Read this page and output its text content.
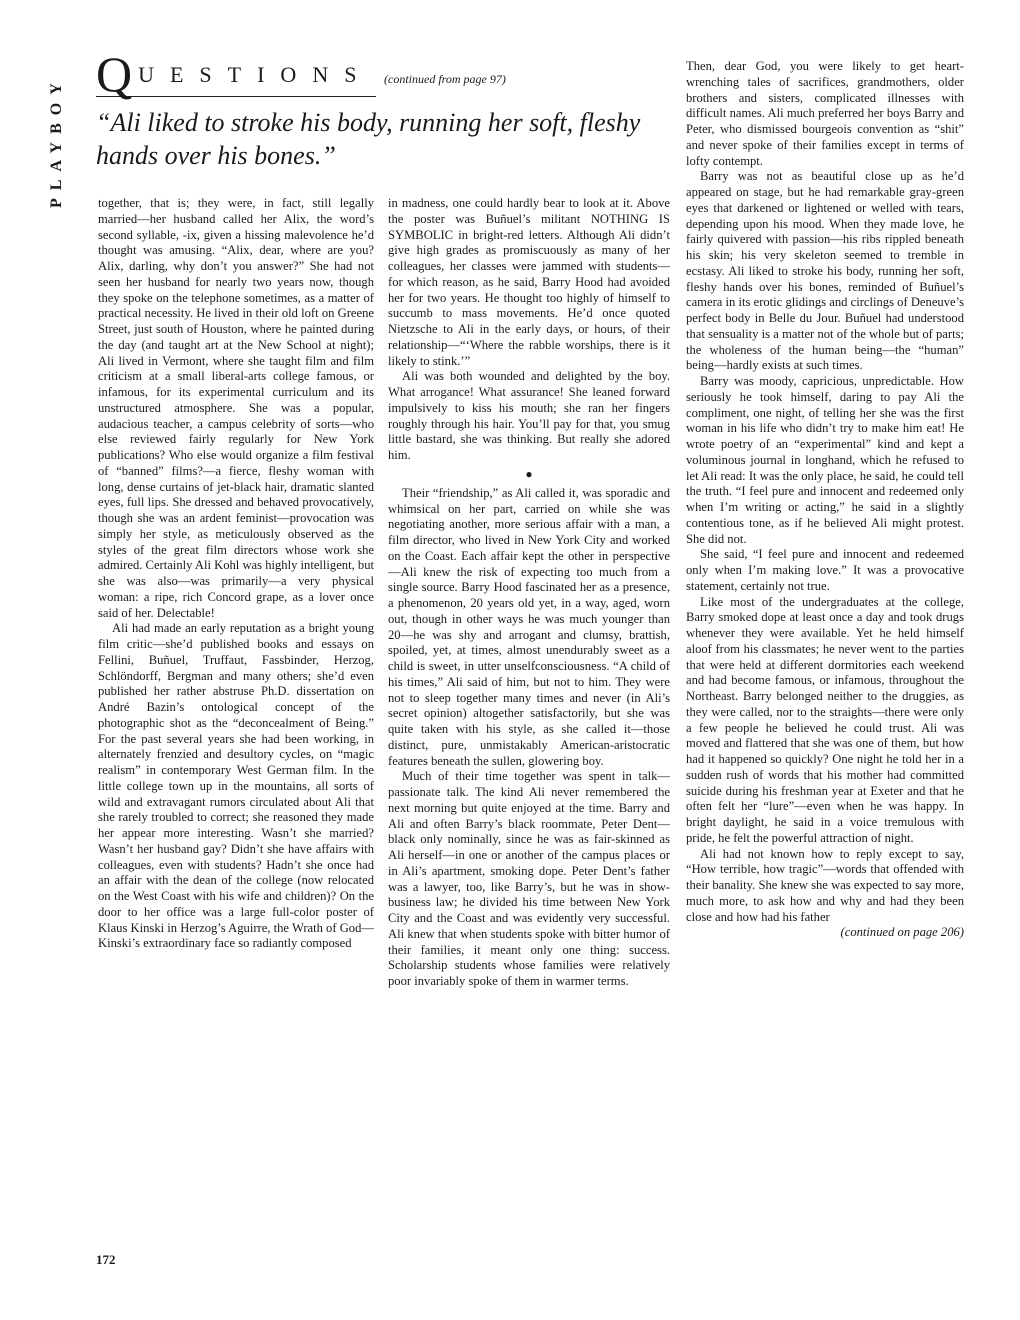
PLAYBOY
Q UESTIONS (continued from page 97)

“Ali liked to stroke his body, running her soft, fleshy hands over his bones.”

together, that is; they were, in fact, still legally married—her husband called her Alix, the word’s second syllable, -ix, given a hissing malevolence he’d thought was amusing. “Alix, dear, where are you? Alix, darling, why don’t you answer?” She had not seen her husband for nearly two years now, though they spoke on the telephone sometimes, as a matter of practical necessity. He lived in their old loft on Greene Street, just south of Houston, where he painted during the day (and taught art at the New School at night); Ali lived in Vermont, where she taught film and film criticism at a small liberal-arts college famous, or infamous, for its experimental curriculum and its unstructured atmosphere. She was a popular, audacious teacher, a campus celebrity of sorts—who else reviewed fairly regularly for New York publications? Who else would organize a film festival of “banned” films?—a fierce, fleshy woman with long, dense curtains of jet-black hair, dramatic slanted eyes, full lips. She dressed and behaved provocatively, though she was an ardent feminist—provocation was simply her style, as meticulously observed as the styles of the great film directors whose work she admired. Certainly Ali Kohl was highly intelligent, but she was also—was primarily—a very physical woman: a ripe, rich Concord grape, as a lover once said of her. Delectable!

Ali had made an early reputation as a bright young film critic—she’d published books and essays on Fellini, Buñuel, Truffaut, Fassbinder, Herzog, Schlöndorff, Bergman and many others; she’d even published her rather abstruse Ph.D. dissertation on André Bazin’s ontological concept of the photographic shot as the “deconcealment of Being.” For the past several years she had been working, in alternately frenzied and desultory cycles, on “magic realism” in contemporary West German film. In the little college town up in the mountains, all sorts of wild and extravagant rumors circulated about Ali that she rarely troubled to correct; she reasoned they made her appear more interesting. Wasn’t she married? Wasn’t her husband gay? Didn’t she have affairs with colleagues, even with students? Hadn’t she once had an affair with the dean of the college (now relocated on the West Coast with his wife and children)? On the door to her office was a large full-color poster of Klaus Kinski in Herzog’s Aguirre, the Wrath of God—Kinski’s extraordinary face so radiantly composed

in madness, one could hardly bear to look at it. Above the poster was Buñuel’s militant NOTHING IS SYMBOLIC in bright-red letters. Although Ali didn’t give high grades as promiscuously as many of her colleagues, her classes were jammed with students—for which reason, as he said, Barry Hood had avoided her for two years. He thought too highly of himself to succumb to mass movements. He’d once quoted Nietzsche to Ali in the early days, or hours, of their relationship—“‘Where the rabble worships, there is it likely to stink.’”

Ali was both wounded and delighted by the boy. What arrogance! What assurance! She leaned forward impulsively to kiss his mouth; she ran her fingers roughly through his hair. You’ll pay for that, you smug little bastard, she was thinking. But really she adored him.

●

Their “friendship,” as Ali called it, was sporadic and whimsical on her part, carried on while she was negotiating another, more serious affair with a man, a film director, who lived in New York City and worked on the Coast. Each affair kept the other in perspective—Ali knew the risk of expecting too much from a single source. Barry Hood fascinated her as a presence, a phenomenon, 20 years old yet, in a way, aged, worn out, though in other ways he was much younger than 20—he was shy and arrogant and clumsy, brattish, spoiled, yet, at times, almost unendurably sweet as a child is sweet, in utter unselfconsciousness. “A child of his times,” Ali said of him, but not to him. They were not to sleep together many times and never (in Ali’s secret opinion) altogether satisfactorily, but she was quite taken with his style, as she called it—those distinct, pure, unmistakably American-aristocratic features beneath the sullen, glowering boy.

Much of their time together was spent in talk—passionate talk. The kind Ali never remembered the next morning but quite enjoyed at the time. Barry and Ali and often Barry’s black roommate, Peter Dent—black only nominally, since he was as fair-skinned as Ali herself—in one or another of the campus places or in Ali’s apartment, smoking dope. Peter Dent’s father was a lawyer, too, like Barry’s, but he was in show-business law; he divided his time between New York City and the Coast and was evidently very successful. Ali knew that when students spoke with bitter humor of their families, it meant only one thing: success. Scholarship students whose families were relatively poor invariably spoke of them in warmer terms.

Then, dear God, you were likely to get heart-wrenching tales of sacrifices, grandmothers, older brothers and sisters, complicated illnesses with difficult names. Ali much preferred her boys Barry and Peter, who dismissed bourgeois convention as “shit” and never spoke of their families except in terms of lofty contempt.

Barry was not as beautiful close up as he’d appeared on stage, but he had remarkable gray-green eyes that darkened or lightened or welled with tears, depending upon his mood. When they made love, he fairly quivered with passion—his ribs rippled beneath his skin; his very skeleton seemed to tremble in ecstasy. Ali liked to stroke his body, running her soft, fleshy hands over his bones, reminded of Buñuel’s camera in its erotic glidings and circlings of Deneuve’s perfect body in Belle du Jour. Buñuel had understood that sensuality is a matter not of the whole but of parts; the wholeness of the human being—the “human” being—hardly exists at such times.

Barry was moody, capricious, unpredictable. How seriously he took himself, daring to pay Ali the compliment, one night, of telling her she was the first woman in his life who didn’t try to make him eat! He wrote poetry of an “experimental” kind and kept a voluminous journal in longhand, which he refused to let Ali read: It was the only place, he said, he could tell the truth. “I feel pure and innocent and redeemed only when I’m writing or acting,” he said in a slightly contentious tone, as if he believed Ali might protest. She did not.

She said, “I feel pure and innocent and redeemed only when I’m making love.” It was a provocative statement, certainly not true.

Like most of the undergraduates at the college, Barry smoked dope at least once a day and took drugs whenever they were available. Yet he held himself aloof from his classmates; he never went to the parties that were held at different dormitories each weekend and had become famous, or infamous, throughout the Northeast. Barry belonged neither to the druggies, as they were called, nor to the straights—there were only a few people he believed he could trust. Ali was moved and flattered that she was one of them, but how had it happened so quickly? One night he told her in a sudden rush of words that his mother had committed suicide during his freshman year at Exeter and that he often felt her “lure”—even when he was happy. In bright daylight, he said in a voice tremulous with pride, he felt the powerful attraction of night.

Ali had not known how to reply except to say, “How terrible, how tragic”—words that offended with their banality. She knew she was expected to say more, much more, to ask how and why and had they been close and how had his father

(continued on page 206)

172
